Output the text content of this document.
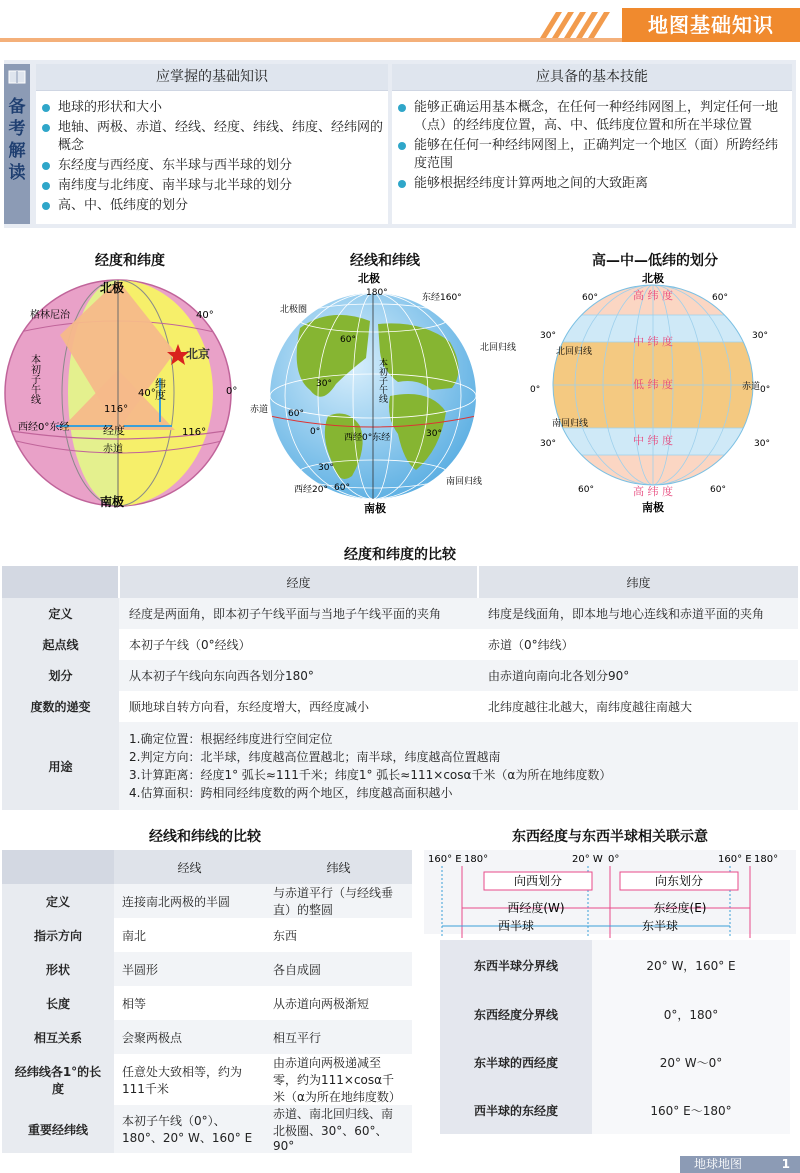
地图基础知识
备
考
解
读
应掌握的基础知识
地球的形状和大小
地轴、两极、赤道、经线、经度、纬线、纬度、经纬网的概念
东经度与西经度、东半球与西半球的划分
南纬度与北纬度、南半球与北半球的划分
高、中、低纬度的划分
应具备的基本技能
能够正确运用基本概念，在任何一种经纬网图上，判定任何一地（点）的经纬度位置，高、中、低纬度位置和所在半球位置
能够在任何一种经纬网图上，正确判定一个地区（面）所跨经纬度范围
能够根据经纬度计算两地之间的大致距离
经度和纬度
北极
南极
格林尼治
北京
40°
40°
116°
116°
0°
经度
赤道
西经0°东经
纬度
本初子午线
经线和纬线
北极
南极
180°	东经160°
北极圈
北回归线
赤道
南回归线
西经20°
西经0°东经
60°
30°
60°
0°	30°
30°
60°
本初子午线
高—中—低纬的划分
北极
南极
高 纬 度
中 纬 度
低 纬 度
中 纬 度
高 纬 度
北回归线
南回归线
赤道
60°
30°
0°
30°
60°
60°
30°
0°
30°
60°
经度和纬度的比较
	经度	纬度
定义	经度是两面角，即本初子午线平面与当地子午线平面的夹角	纬度是线面角，即本地与地心连线和赤道平面的夹角
起点线	本初子午线（0°经线）	赤道（0°纬线）
划分	从本初子午线向东向西各划分180°	由赤道向南向北各划分90°
度数的递变	顺地球自转方向看，东经度增大，西经度减小	北纬度越往北越大，南纬度越往南越大
用途	1.确定位置：根据经纬度进行空间定位
2.判定方向：北半球，纬度越高位置越北；南半球，纬度越高位置越南
3.计算距离：经度1° 弧长≈111千米；纬度1° 弧长≈111×cosα千米（α为所在地纬度数）
4.估算面积：跨相同经纬度数的两个地区，纬度越高面积越小	
经线和纬线的比较
	经线	纬线
定义	连接南北两极的半圆	与赤道平行（与经线垂直）的整圆
指示方向	南北	东西
形状	半圆形	各自成圆
长度	相等	从赤道向两极渐短
相互关系	会聚两极点	相互平行
经纬线各1°的长度	任意处大致相等，约为111千米	由赤道向两极递减至零，约为111×cosα千米（α为所在地纬度数）
重要经纬线	本初子午线（0°）、180°、20° W、160° E	赤道、南北回归线、南北极圈、30°、60°、90°
东西经度与东西半球相关联示意
160° E 180°	20° W 0°	160° E 180°
向西划分	向东划分
西经度(W)	东经度(E)
西半球	东半球
东西半球分界线	20° W，160° E
东西经度分界线	0°，180°
东半球的西经度	20° W～0°
西半球的东经度	160° E～180°
地球地图	1
